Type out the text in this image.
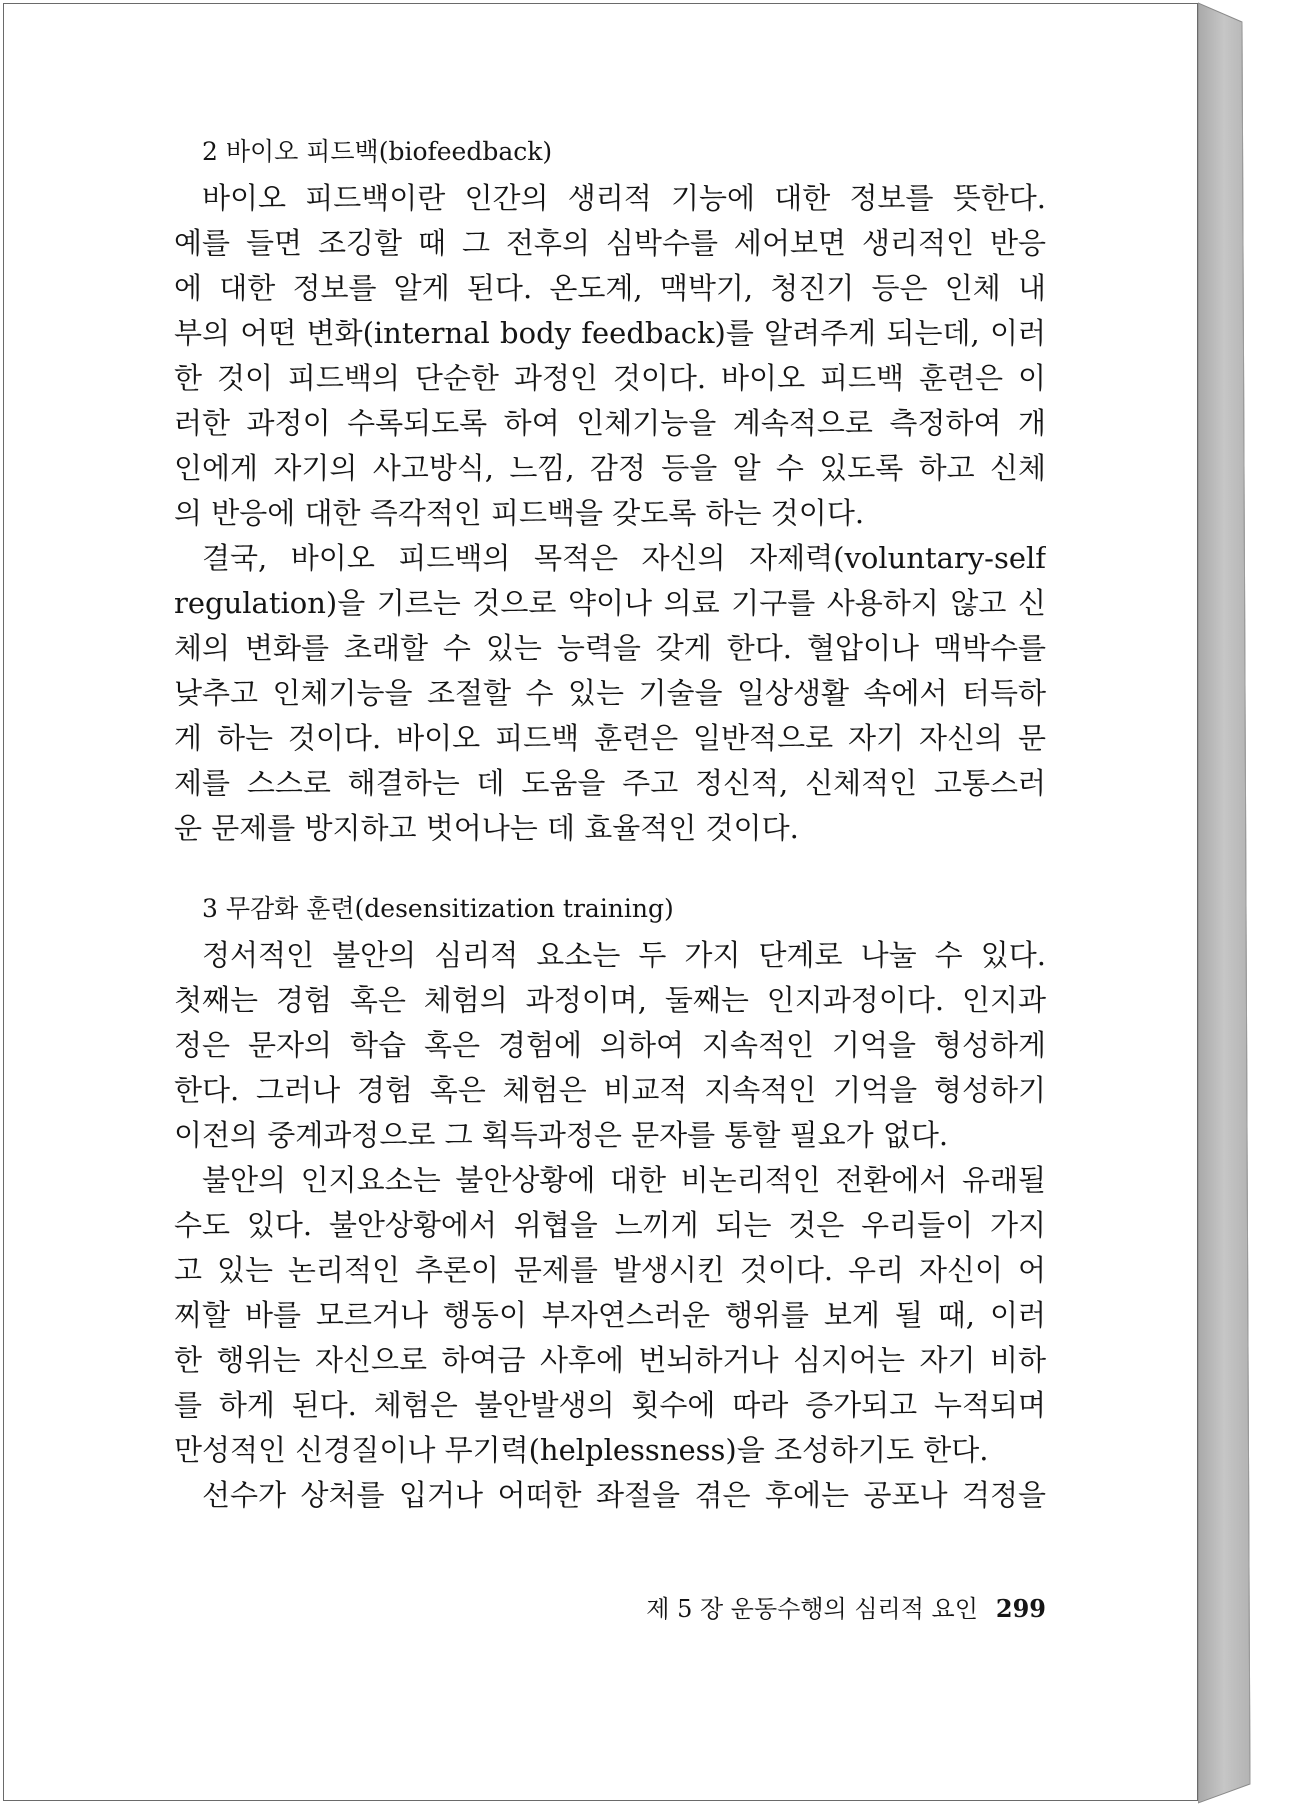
2 바이오 피드백(biofeedback)
바이오 피드백이란 인간의 생리적 기능에 대한 정보를 뜻한다.
예를 들면 조깅할 때 그 전후의 심박수를 세어보면 생리적인 반응
에 대한 정보를 알게 된다. 온도계, 맥박기, 청진기 등은 인체 내
부의 어떤 변화(internal body feedback)를 알려주게 되는데, 이러
한 것이 피드백의 단순한 과정인 것이다. 바이오 피드백 훈련은 이
러한 과정이 수록되도록 하여 인체기능을 계속적으로 측정하여 개
인에게 자기의 사고방식, 느낌, 감정 등을 알 수 있도록 하고 신체
의 반응에 대한 즉각적인 피드백을 갖도록 하는 것이다.
결국, 바이오 피드백의 목적은 자신의 자제력(voluntary-self
regulation)을 기르는 것으로 약이나 의료 기구를 사용하지 않고 신
체의 변화를 초래할 수 있는 능력을 갖게 한다. 혈압이나 맥박수를
낮추고 인체기능을 조절할 수 있는 기술을 일상생활 속에서 터득하
게 하는 것이다. 바이오 피드백 훈련은 일반적으로 자기 자신의 문
제를 스스로 해결하는 데 도움을 주고 정신적, 신체적인 고통스러
운 문제를 방지하고 벗어나는 데 효율적인 것이다.
3 무감화 훈련(desensitization training)
정서적인 불안의 심리적 요소는 두 가지 단계로 나눌 수 있다.
첫째는 경험 혹은 체험의 과정이며, 둘째는 인지과정이다. 인지과
정은 문자의 학습 혹은 경험에 의하여 지속적인 기억을 형성하게
한다. 그러나 경험 혹은 체험은 비교적 지속적인 기억을 형성하기
이전의 중계과정으로 그 획득과정은 문자를 통할 필요가 없다.
불안의 인지요소는 불안상황에 대한 비논리적인 전환에서 유래될
수도 있다. 불안상황에서 위협을 느끼게 되는 것은 우리들이 가지
고 있는 논리적인 추론이 문제를 발생시킨 것이다. 우리 자신이 어
찌할 바를 모르거나 행동이 부자연스러운 행위를 보게 될 때, 이러
한 행위는 자신으로 하여금 사후에 번뇌하거나 심지어는 자기 비하
를 하게 된다. 체험은 불안발생의 횟수에 따라 증가되고 누적되며
만성적인 신경질이나 무기력(helplessness)을 조성하기도 한다.
선수가 상처를 입거나 어떠한 좌절을 겪은 후에는 공포나 걱정을
제 5 장 운동수행의 심리적 요인 299
